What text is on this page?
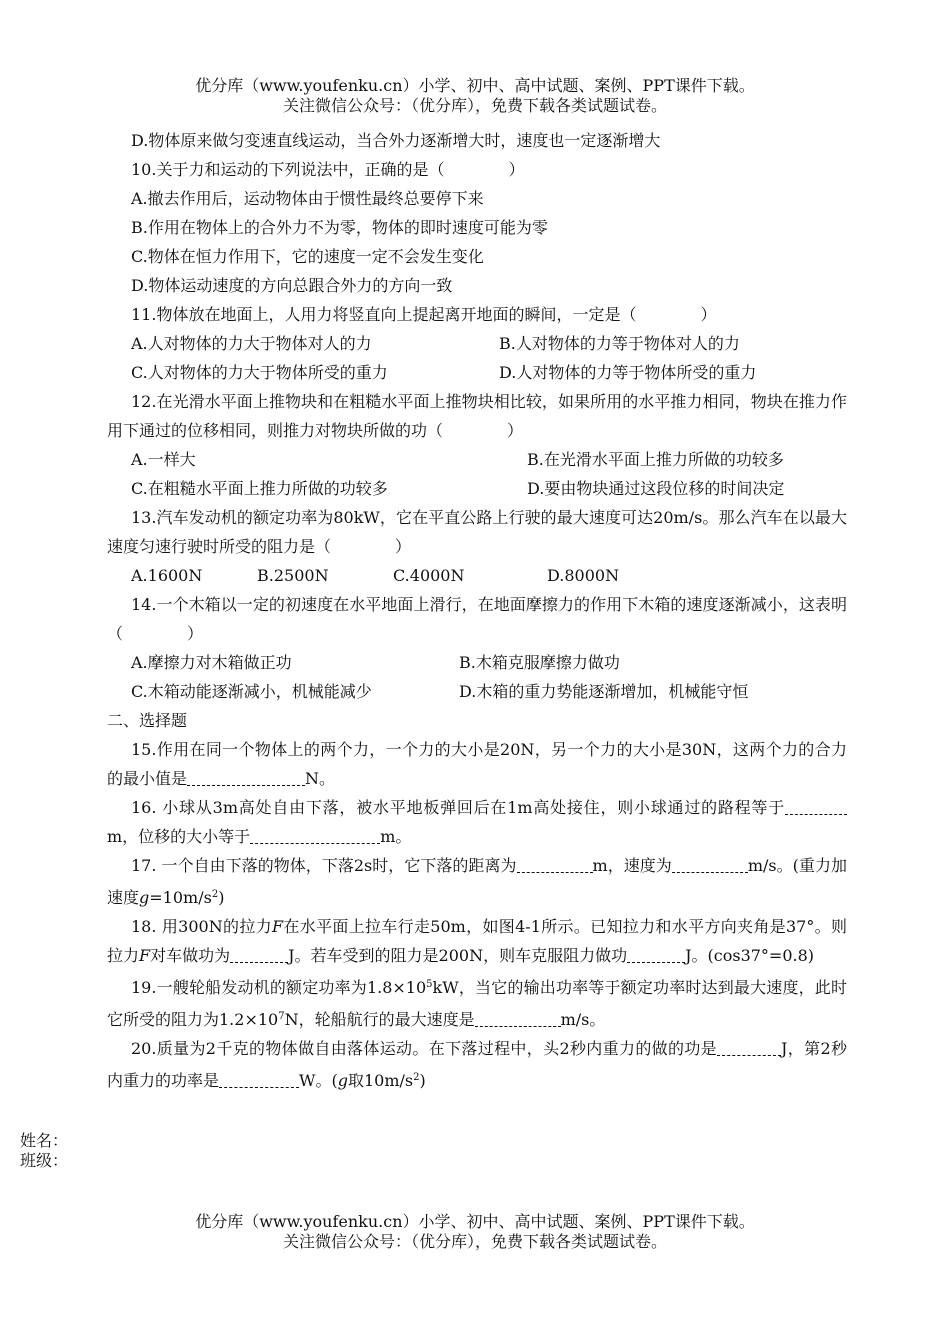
优分库（www.youfenku.cn）小学、初中、高中试题、案例、PPT课件下载。
关注微信公众号：（优分库），免费下载各类试题试卷。

D.物体原来做匀变速直线运动，当合外力逐渐增大时，速度也一定逐渐增大

10.关于力和运动的下列说法中，正确的是（　　　　）

A.撤去作用后，运动物体由于惯性最终总要停下来

B.作用在物体上的合外力不为零，物体的即时速度可能为零

C.物体在恒力作用下，它的速度一定不会发生变化

D.物体运动速度的方向总跟合外力的方向一致

11.物体放在地面上，人用力将竖直向上提起离开地面的瞬间，一定是（　　　　）

A.人对物体的力大于物体对人的力	B.人对物体的力等于物体对人的力
C.人对物体的力大于物体所受的重力	D.人对物体的力等于物体所受的重力

12.在光滑水平面上推物块和在粗糙水平面上推物块相比较，如果所用的水平推力相同，物块在推力作用下通过的位移相同，则推力对物块所做的功（　　　　）

A.一样大	B.在光滑水平面上推力所做的功较多
C.在粗糙水平面上推力所做的功较多	D.要由物块通过这段位移的时间决定

13.汽车发动机的额定功率为80kW，它在平直公路上行驶的最大速度可达20m/s。那么汽车在以最大速度匀速行驶时所受的阻力是（　　　　）

A.1600N	B.2500N	C.4000N	D.8000N

14.一个木箱以一定的初速度在水平地面上滑行，在地面摩擦力的作用下木箱的速度逐渐减小，这表明（　　　　）

A.摩擦力对木箱做正功	B.木箱克服摩擦力做功
C.木箱动能逐渐减小，机械能减少	D.木箱的重力势能逐渐增加，机械能守恒

二、选择题

15.作用在同一个物体上的两个力，一个力的大小是20N，另一个力的大小是30N，这两个力的合力的最小值是	N。

16. 小球从3m高处自由下落，被水平地板弹回后在1m高处接住，则小球通过的路程等于m，位移的大小等于	m。

17. 一个自由下落的物体，下落2s时，它下落的距离为	m，速度为	m/s。(重力加速度$g=10m/s^2$)

18. 用300N的拉力F在水平面上拉车行走50m，如图4-1所示。已知拉力和水平方向夹角是37°。则拉力F对车做功为	J。若车受到的阻力是200N，则车克服阻力做功	J。(cos37°=0.8)

19.一艘轮船发动机的额定功率为$1.8\times 10^5kW$，当它的输出功率等于额定功率时达到最大速度，此时它所受的阻力为$1.2\times 10^7N$，轮船航行的最大速度是	m/s。

20.质量为2千克的物体做自由落体运动。在下落过程中，头2秒内重力的做的功是	J，第2秒内重力的功率是	W。(g取$10m/s^2$)

姓名：
班级：
优分库（www.youfenku.cn）小学、初中、高中试题、案例、PPT课件下载。
关注微信公众号：（优分库），免费下载各类试题试卷。
